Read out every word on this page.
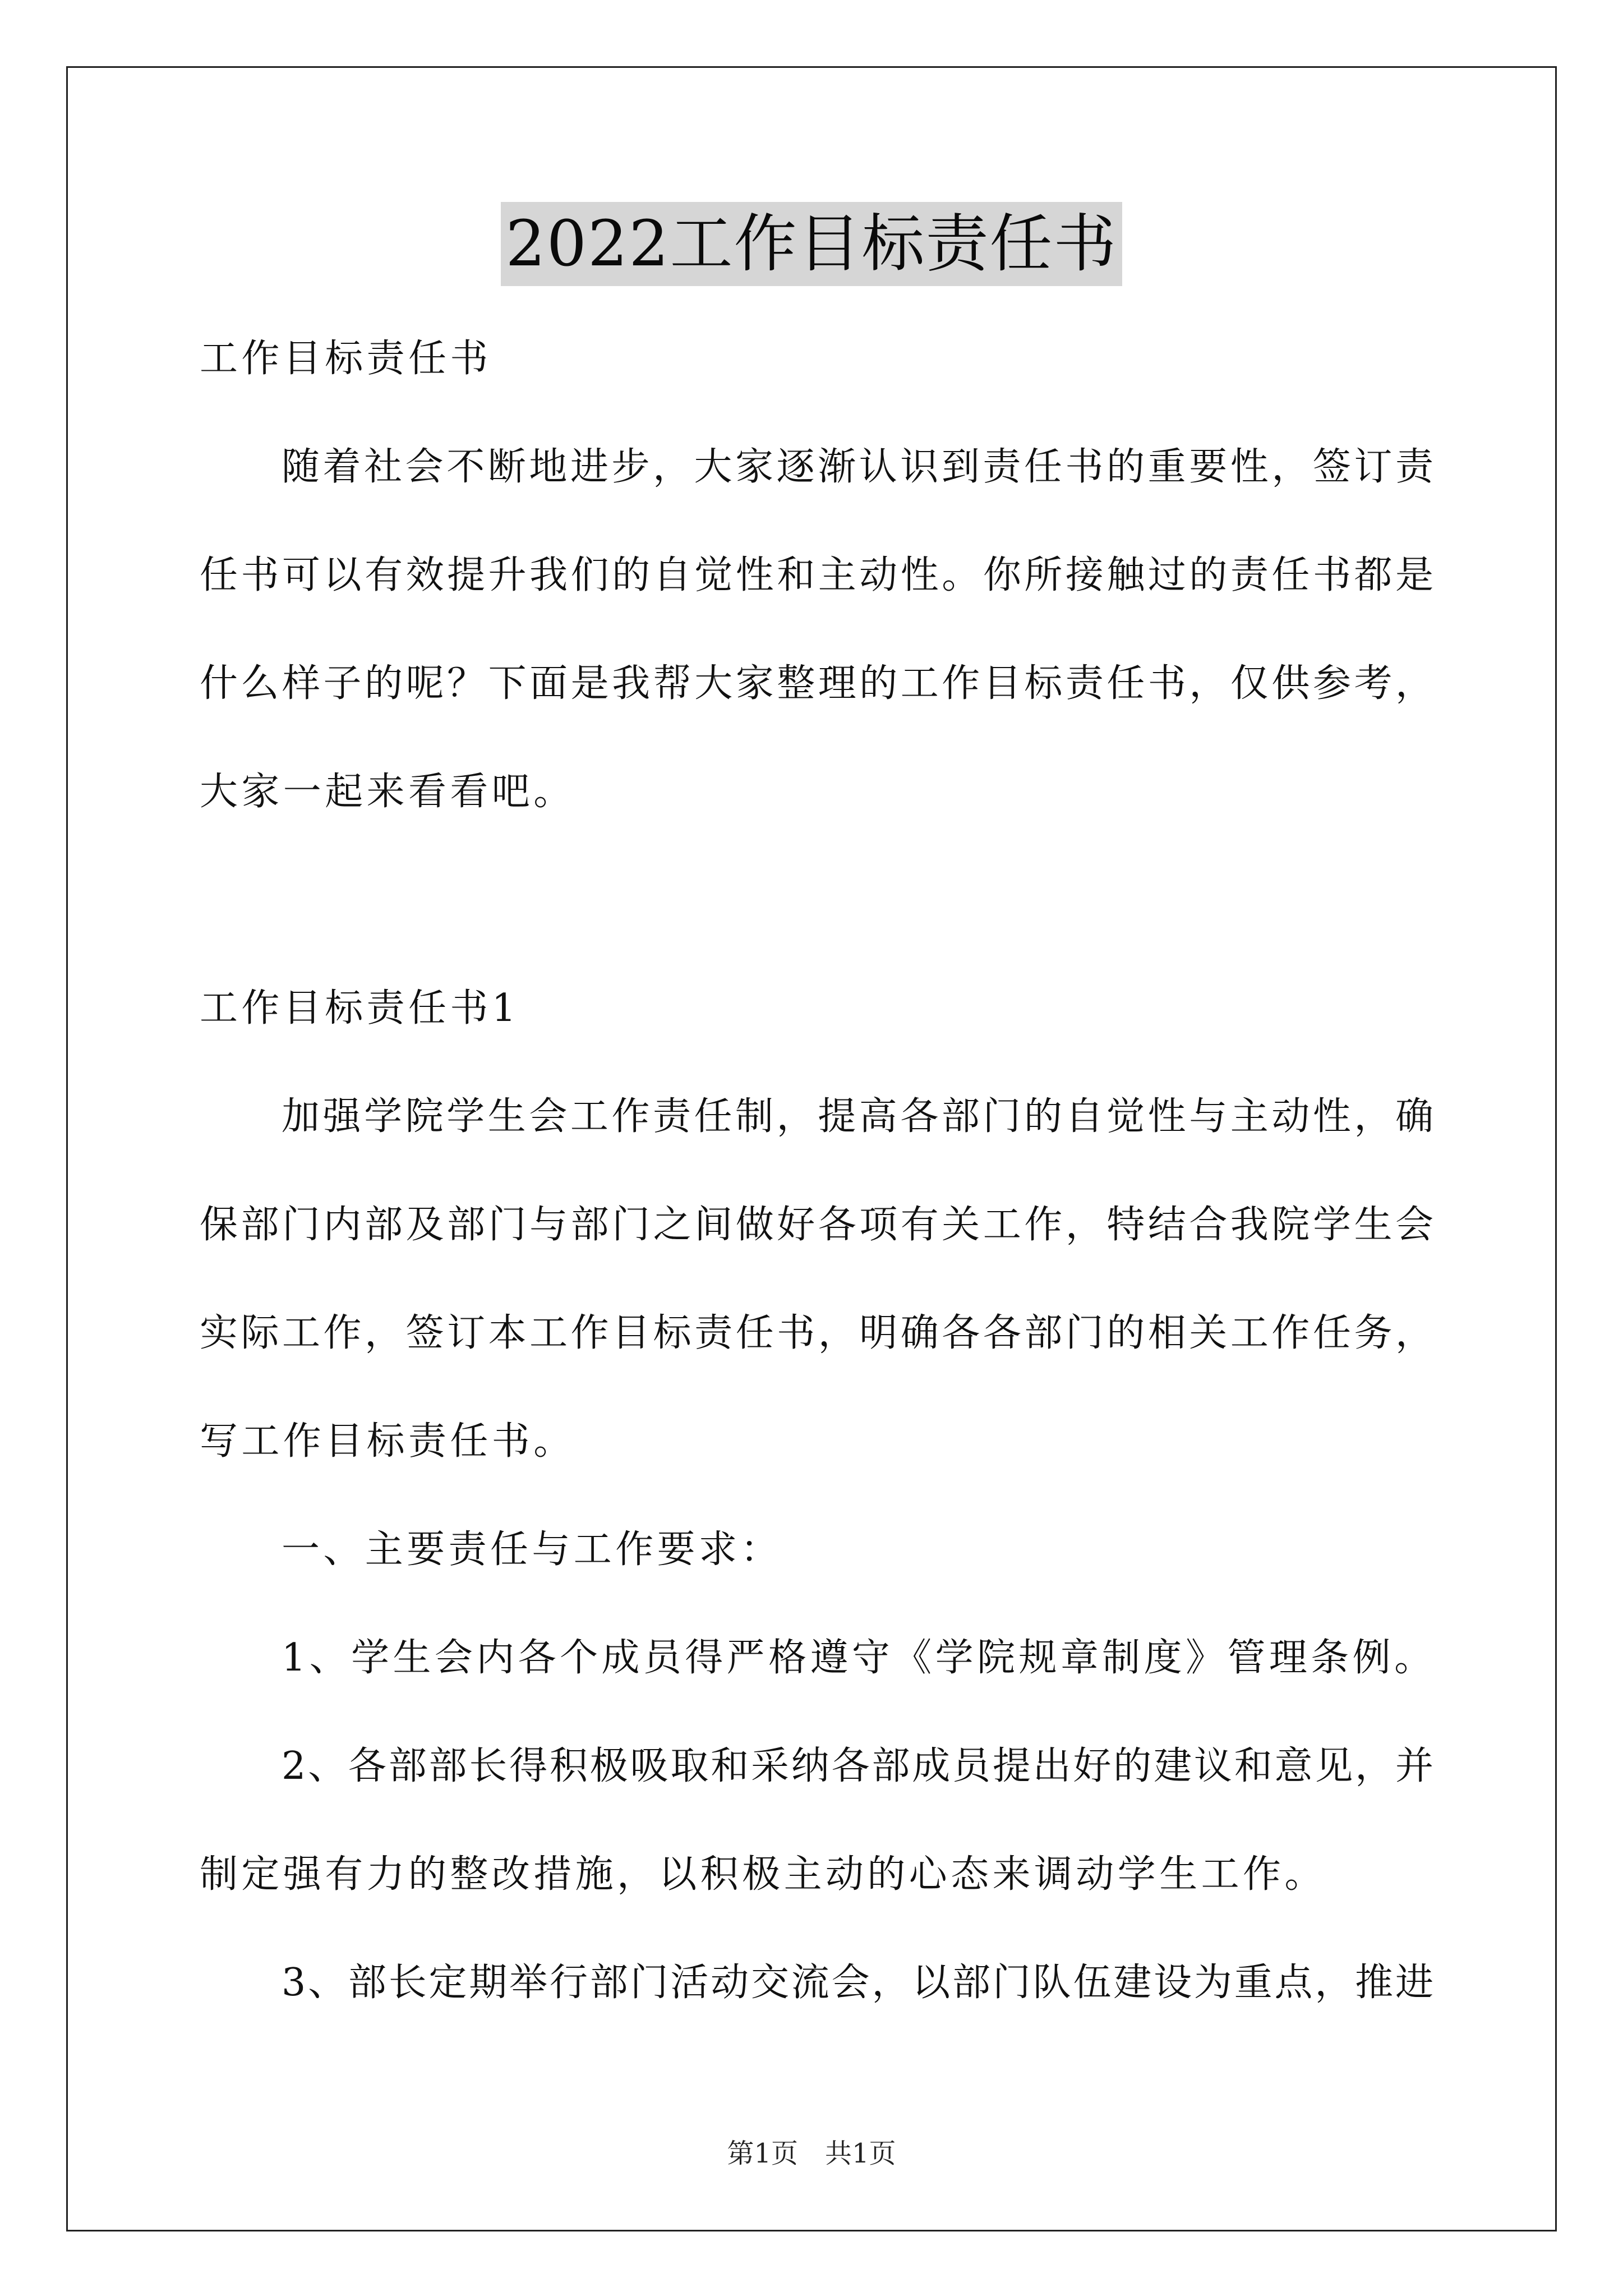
2022工作目标责任书
工作目标责任书
随着社会不断地进步，大家逐渐认识到责任书的重要性，签订责
任书可以有效提升我们的自觉性和主动性。你所接触过的责任书都是
什么样子的呢？下面是我帮大家整理的工作目标责任书，仅供参考，
大家一起来看看吧。
工作目标责任书1
加强学院学生会工作责任制，提高各部门的自觉性与主动性，确
保部门内部及部门与部门之间做好各项有关工作，特结合我院学生会
实际工作，签订本工作目标责任书，明确各各部门的相关工作任务，
写工作目标责任书。
一、主要责任与工作要求：
1、学生会内各个成员得严格遵守《学院规章制度》管理条例。
2、各部部长得积极吸取和采纳各部成员提出好的建议和意见，并
制定强有力的整改措施，以积极主动的心态来调动学生工作。
3、部长定期举行部门活动交流会，以部门队伍建设为重点，推进
第1页 共1页
